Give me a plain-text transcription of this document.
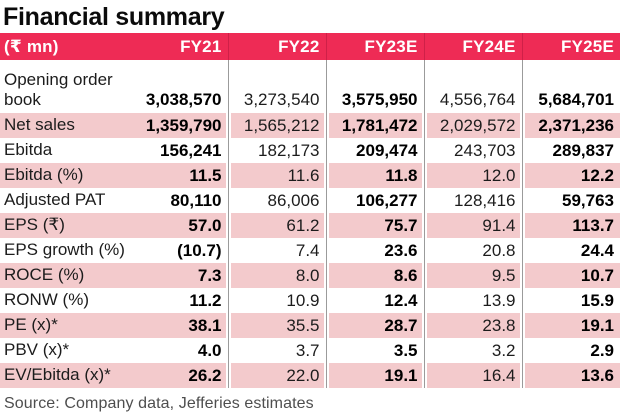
Financial summary
(₹ mn)	FY21	FY22	FY23E	FY24E	FY25E
Opening order book	3,038,570	3,273,540	3,575,950	4,556,764	5,684,701
Net sales	1,359,790	1,565,212	1,781,472	2,029,572	2,371,236
Ebitda	156,241	182,173	209,474	243,703	289,837
Ebitda (%)	11.5	11.6	11.8	12.0	12.2
Adjusted PAT	80,110	86,006	106,277	128,416	59,763
EPS (₹)	57.0	61.2	75.7	91.4	113.7
EPS growth (%)	(10.7)	7.4	23.6	20.8	24.4
ROCE (%)	7.3	8.0	8.6	9.5	10.7
RONW (%)	11.2	10.9	12.4	13.9	15.9
PE (x)*	38.1	35.5	28.7	23.8	19.1
PBV (x)*	4.0	3.7	3.5	3.2	2.9
EV/Ebitda (x)*	26.2	22.0	19.1	16.4	13.6
Source: Company data, Jefferies estimates
